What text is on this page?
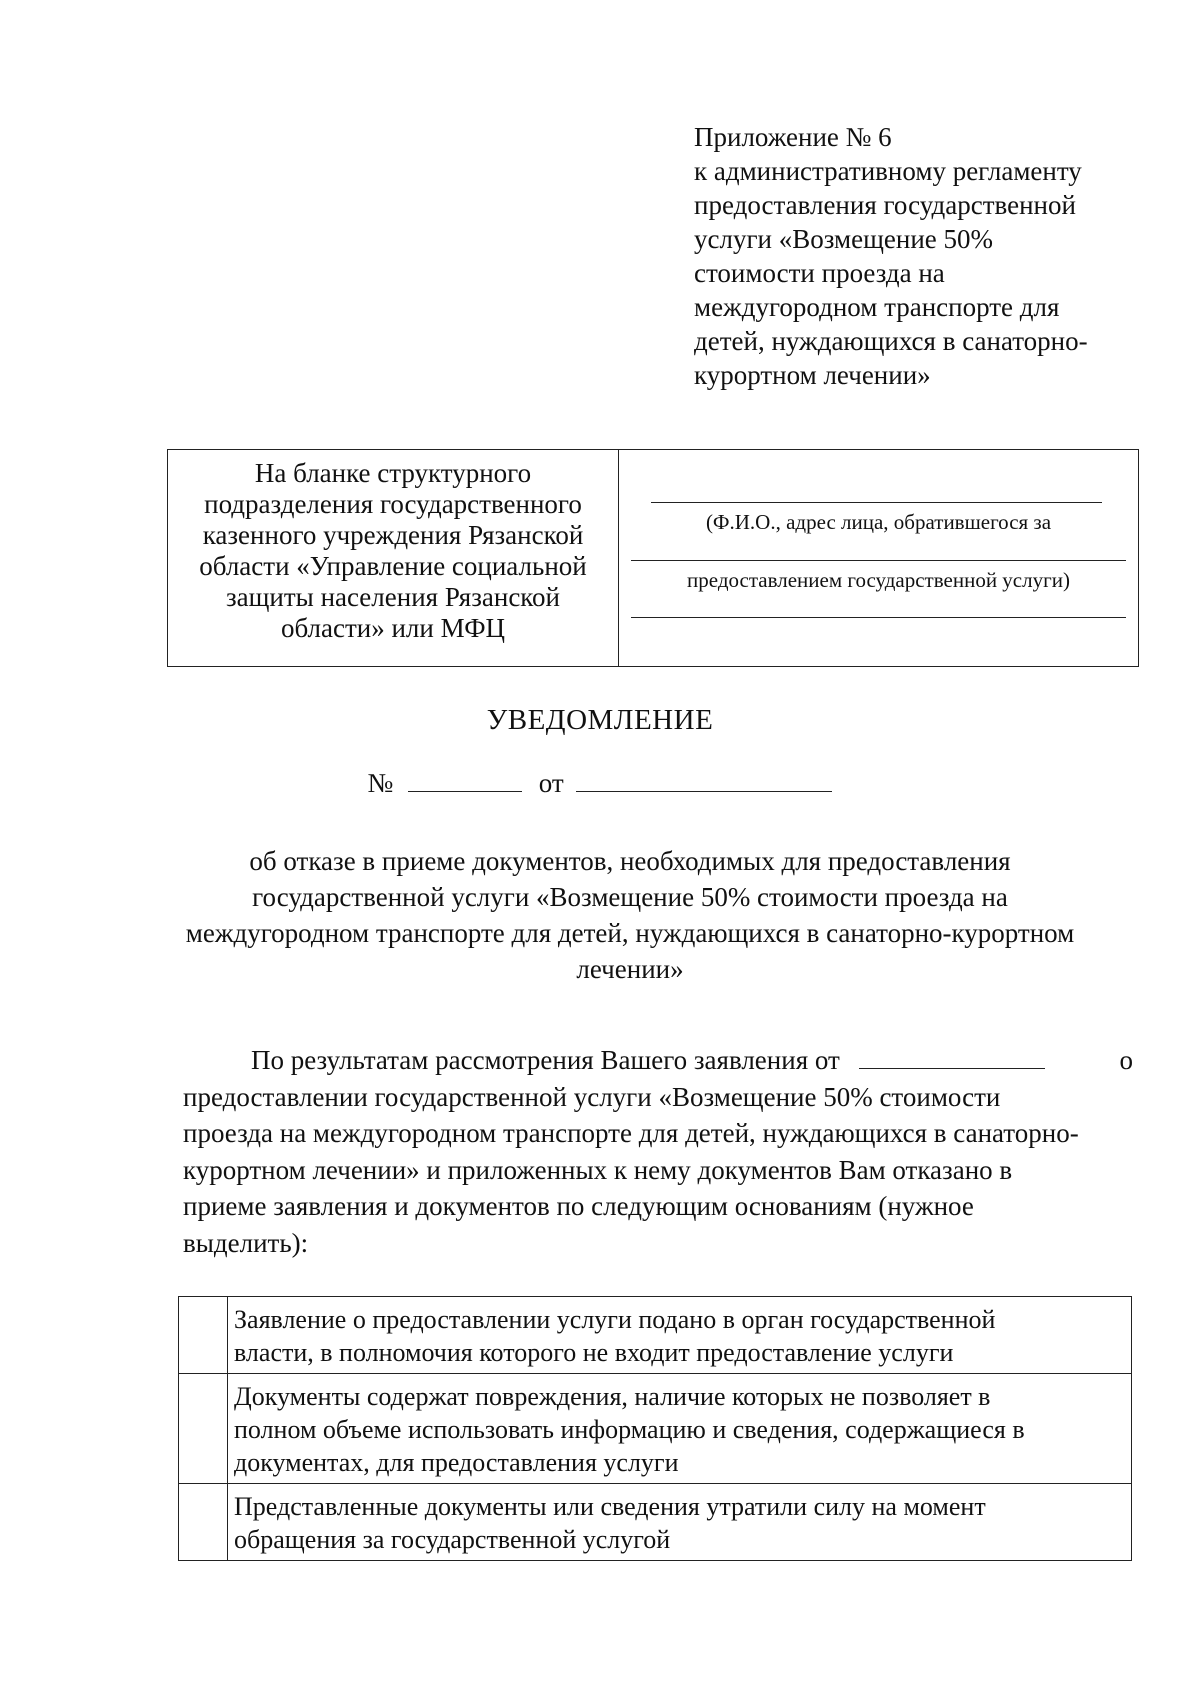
Приложение № 6
к административному регламенту
предоставления государственной
услуги «Возмещение 50%
стоимости проезда на
междугородном транспорте для
детей, нуждающихся в санаторно-
курортном лечении»
На бланке структурного
подразделения государственного
казенного учреждения Рязанской
области «Управление социальной
защиты населения Рязанской
области» или МФЦ

(Ф.И.О., адрес лица, обратившегося за
предоставлением государственной услуги)
УВЕДОМЛЕНИЕ
№	от
об отказе в приеме документов, необходимых для предоставления
государственной услуги «Возмещение 50% стоимости проезда на
междугородном транспорте для детей, нуждающихся в санаторно-курортном
лечении»
По результатам рассмотрения Вашего заявления от	о
предоставлении государственной услуги «Возмещение 50% стоимости
проезда на междугородном транспорте для детей, нуждающихся в санаторно-
курортном лечении» и приложенных к нему документов Вам отказано в
приеме заявления и документов по следующим основаниям (нужное
выделить):

	Заявление о предоставлении услуги подано в орган государственной
власти, в полномочия которого не входит предоставление услуги

	Документы содержат повреждения, наличие которых не позволяет в
полном объеме использовать информацию и сведения, содержащиеся в
документах, для предоставления услуги

	Представленные документы или сведения утратили силу на момент
обращения за государственной услугой
